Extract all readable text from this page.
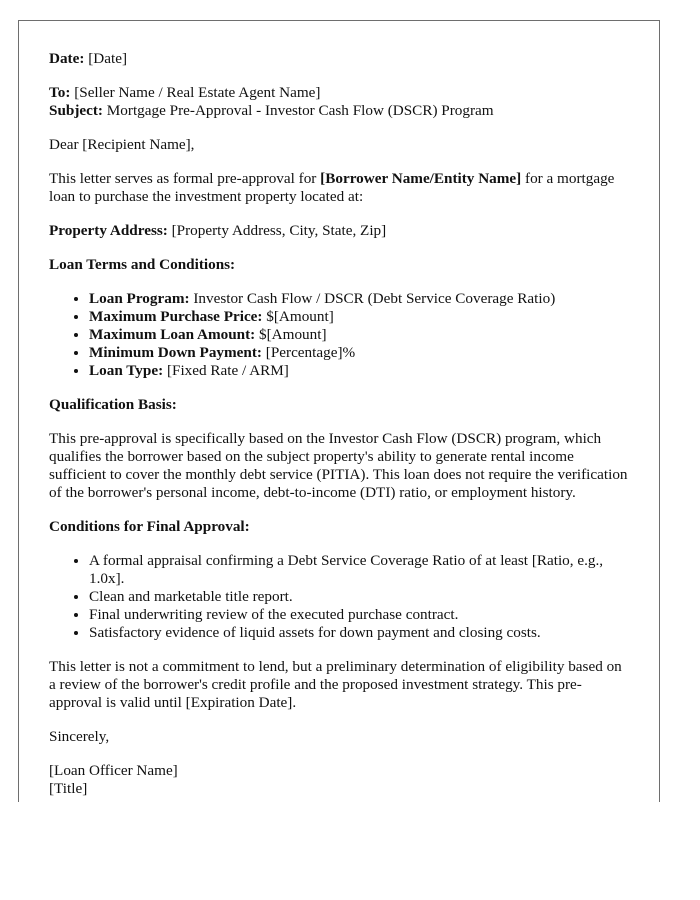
Date: [Date]

To: [Seller Name / Real Estate Agent Name]

Subject: Mortgage Pre-Approval - Investor Cash Flow (DSCR) Program

Dear [Recipient Name],

This letter serves as formal pre-approval for [Borrower Name/Entity Name] for a mortgage loan to purchase the investment property located at:

Property Address: [Property Address, City, State, Zip]

Loan Terms and Conditions:

• Loan Program: Investor Cash Flow / DSCR (Debt Service Coverage Ratio)
• Maximum Purchase Price: $[Amount]
• Maximum Loan Amount: $[Amount]
• Minimum Down Payment: [Percentage]%
• Loan Type: [Fixed Rate / ARM]

Qualification Basis:

This pre-approval is specifically based on the Investor Cash Flow (DSCR) program, which qualifies the borrower based on the subject property's ability to generate rental income sufficient to cover the monthly debt service (PITIA). This loan does not require the verification of the borrower's personal income, debt-to-income (DTI) ratio, or employment history.

Conditions for Final Approval:

• A formal appraisal confirming a Debt Service Coverage Ratio of at least [Ratio, e.g., 1.0x].
• Clean and marketable title report.
• Final underwriting review of the executed purchase contract.
• Satisfactory evidence of liquid assets for down payment and closing costs.

This letter is not a commitment to lend, but a preliminary determination of eligibility based on a review of the borrower's credit profile and the proposed investment strategy. This pre-approval is valid until [Expiration Date].

Sincerely,

[Loan Officer Name]

[Title]
